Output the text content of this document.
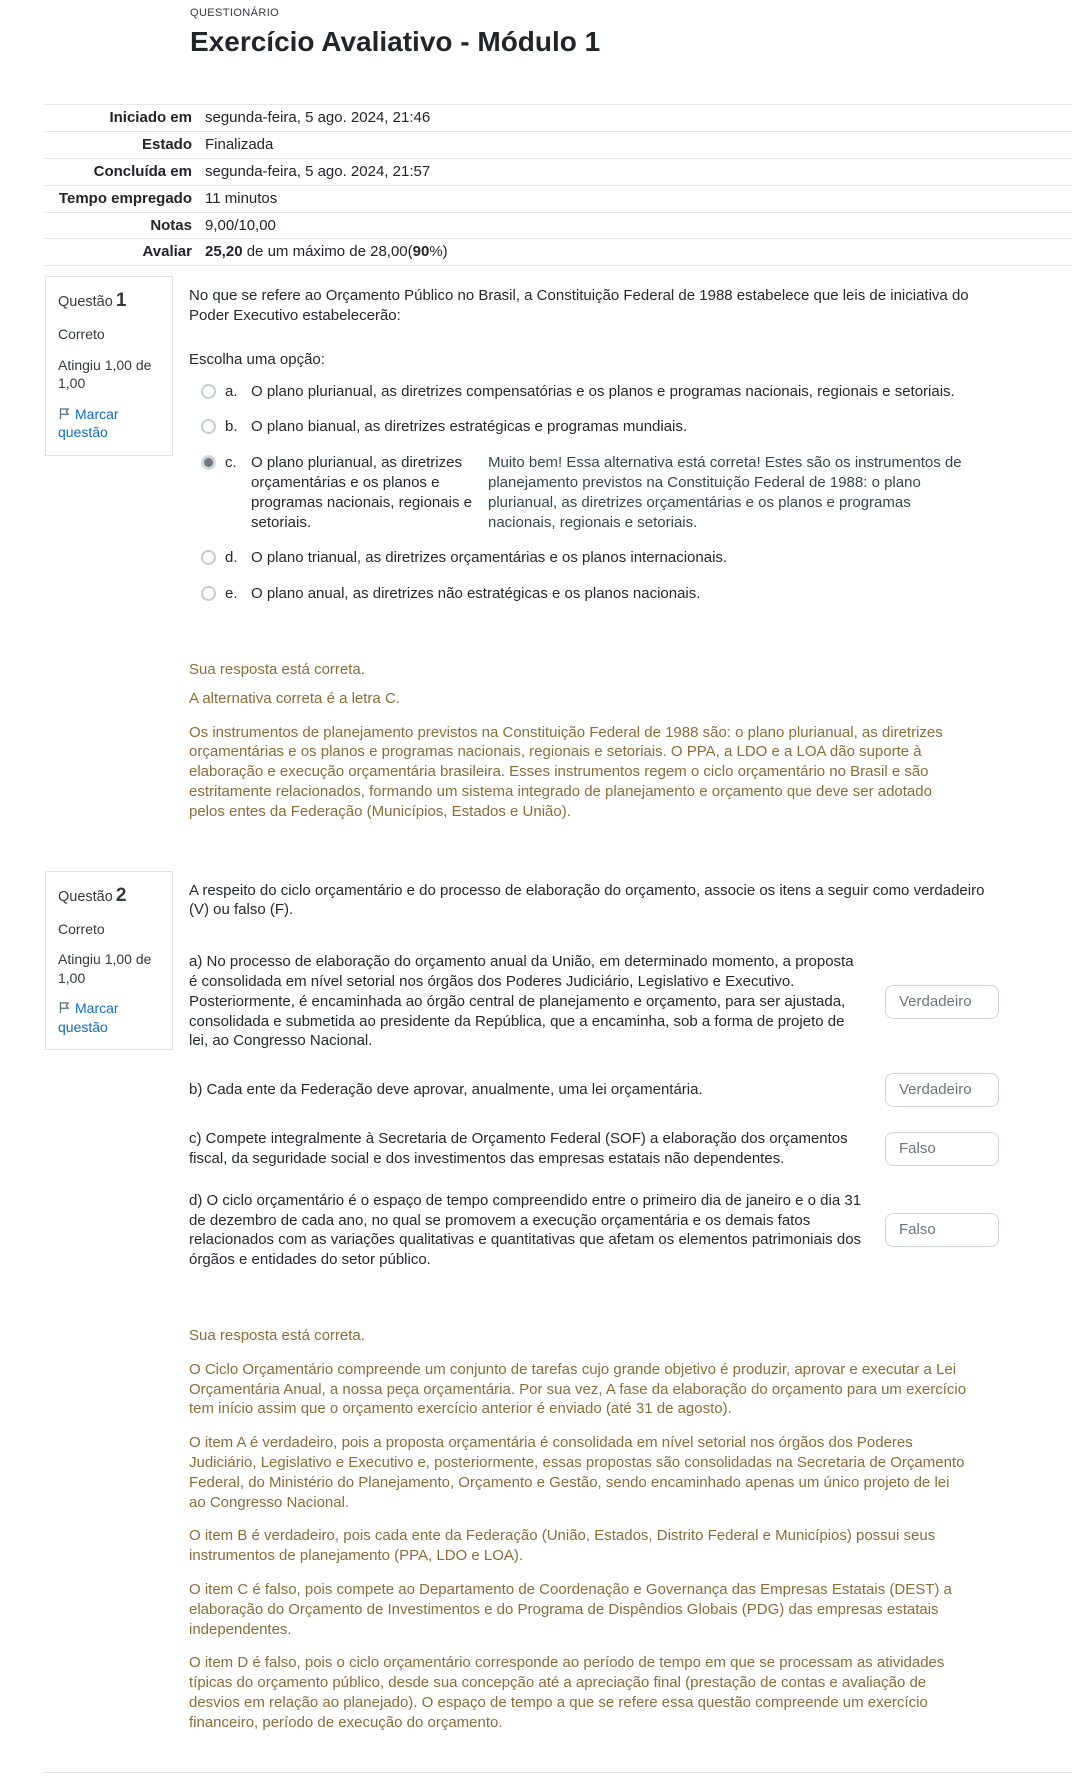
QUESTIONÁRIO
Exercício Avaliativo - Módulo 1
Iniciado em segunda-feira, 5 ago. 2024, 21:46
Estado Finalizada
Concluída em segunda-feira, 5 ago. 2024, 21:57
Tempo empregado 11 minutos
Notas 9,00/10,00
Avaliar 25,20 de um máximo de 28,00(90%)
Questão 1
Correto
Atingiu 1,00 de 1,00
Marcar questão
No que se refere ao Orçamento Público no Brasil, a Constituição Federal de 1988 estabelece que leis de iniciativa do Poder Executivo estabelecerão:
Escolha uma opção:
a. O plano plurianual, as diretrizes compensatórias e os planos e programas nacionais, regionais e setoriais.
b. O plano bianual, as diretrizes estratégicas e programas mundiais.
c. O plano plurianual, as diretrizes orçamentárias e os planos e programas nacionais, regionais e setoriais.
Muito bem! Essa alternativa está correta! Estes são os instrumentos de planejamento previstos na Constituição Federal de 1988: o plano plurianual, as diretrizes orçamentárias e os planos e programas nacionais, regionais e setoriais.
d. O plano trianual, as diretrizes orçamentárias e os planos internacionais.
e. O plano anual, as diretrizes não estratégicas e os planos nacionais.

Sua resposta está correta.

A alternativa correta é a letra C.

Os instrumentos de planejamento previstos na Constituição Federal de 1988 são: o plano plurianual, as diretrizes orçamentárias e os planos e programas nacionais, regionais e setoriais. O PPA, a LDO e a LOA dão suporte à elaboração e execução orçamentária brasileira. Esses instrumentos regem o ciclo orçamentário no Brasil e são estritamente relacionados, formando um sistema integrado de planejamento e orçamento que deve ser adotado pelos entes da Federação (Municípios, Estados e União).

Questão 2
Correto
Atingiu 1,00 de 1,00
Marcar questão
A respeito do ciclo orçamentário e do processo de elaboração do orçamento, associe os itens a seguir como verdadeiro (V) ou falso (F).
a) No processo de elaboração do orçamento anual da União, em determinado momento, a proposta é consolidada em nível setorial nos órgãos dos Poderes Judiciário, Legislativo e Executivo. Posteriormente, é encaminhada ao órgão central de planejamento e orçamento, para ser ajustada, consolidada e submetida ao presidente da República, que a encaminha, sob a forma de projeto de lei, ao Congresso Nacional.
Verdadeiro
b) Cada ente da Federação deve aprovar, anualmente, uma lei orçamentária.	Verdadeiro
c) Compete integralmente à Secretaria de Orçamento Federal (SOF) a elaboração dos orçamentos fiscal, da seguridade social e dos investimentos das empresas estatais não dependentes.
Falso
d) O ciclo orçamentário é o espaço de tempo compreendido entre o primeiro dia de janeiro e o dia 31 de dezembro de cada ano, no qual se promovem a execução orçamentária e os demais fatos relacionados com as variações qualitativas e quantitativas que afetam os elementos patrimoniais dos órgãos e entidades do setor público.
Falso

Sua resposta está correta.

O Ciclo Orçamentário compreende um conjunto de tarefas cujo grande objetivo é produzir, aprovar e executar a Lei Orçamentária Anual, a nossa peça orçamentária. Por sua vez, A fase da elaboração do orçamento para um exercício tem início assim que o orçamento exercício anterior é enviado (até 31 de agosto).

O item A é verdadeiro, pois a proposta orçamentária é consolidada em nível setorial nos órgãos dos Poderes Judiciário, Legislativo e Executivo e, posteriormente, essas propostas são consolidadas na Secretaria de Orçamento Federal, do Ministério do Planejamento, Orçamento e Gestão, sendo encaminhado apenas um único projeto de lei ao Congresso Nacional.

O item B é verdadeiro, pois cada ente da Federação (União, Estados, Distrito Federal e Municípios) possui seus instrumentos de planejamento (PPA, LDO e LOA).

O item C é falso, pois compete ao Departamento de Coordenação e Governança das Empresas Estatais (DEST) a elaboração do Orçamento de Investimentos e do Programa de Dispêndios Globais (PDG) das empresas estatais independentes.

O item D é falso, pois o ciclo orçamentário corresponde ao período de tempo em que se processam as atividades típicas do orçamento público, desde sua concepção até a apreciação final (prestação de contas e avaliação de desvios em relação ao planejado). O espaço de tempo a que se refere essa questão compreende um exercício financeiro, período de execução do orçamento.
